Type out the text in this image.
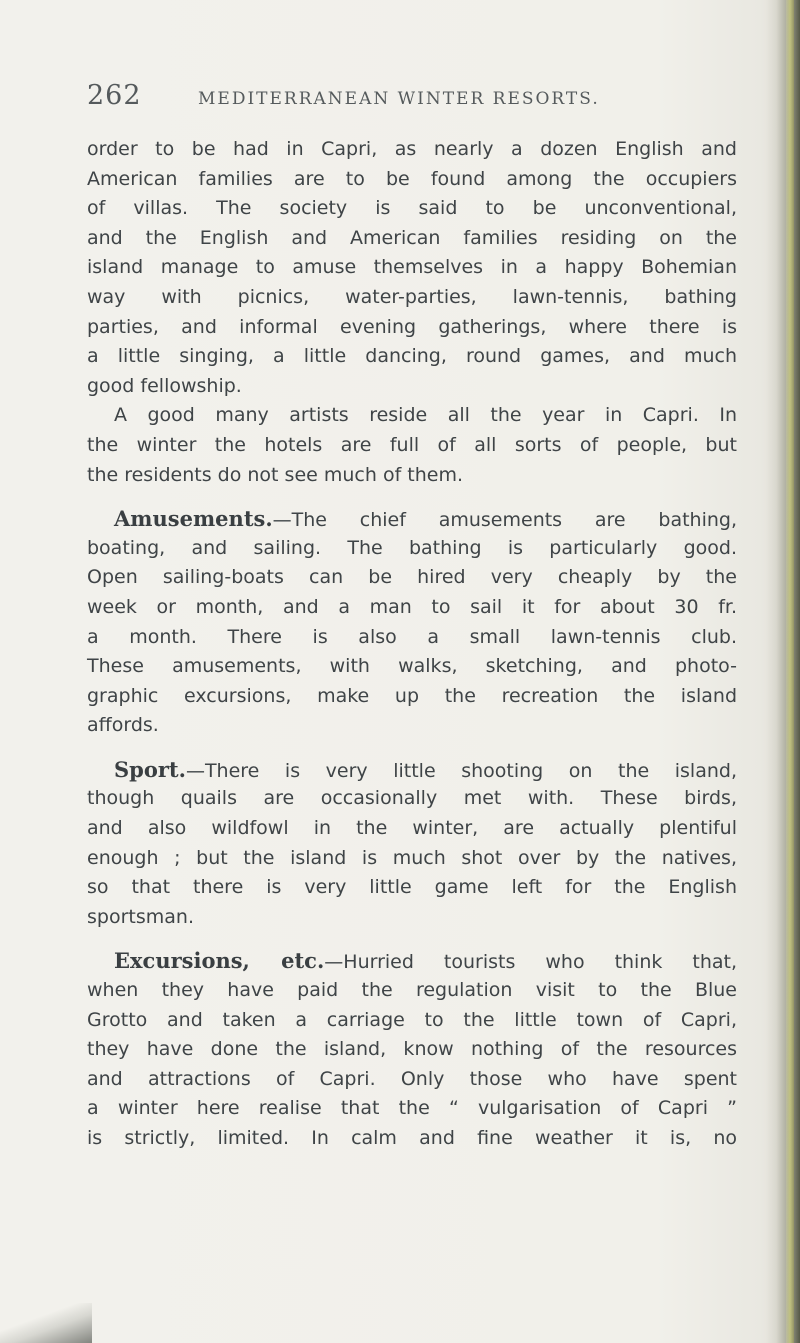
262	MEDITERRANEAN WINTER RESORTS.
order to be had in Capri, as nearly a dozen English and
American families are to be found among the occupiers
of villas. The society is said to be unconventional,
and the English and American families residing on the
island manage to amuse themselves in a happy Bohemian
way with picnics, water-parties, lawn-tennis, bathing
parties, and informal evening gatherings, where there is
a little singing, a little dancing, round games, and much
good fellowship.
A good many artists reside all the year in Capri. In
the winter the hotels are full of all sorts of people, but
the residents do not see much of them.
Amusements.—The chief amusements are bathing,
boating, and sailing. The bathing is particularly good.
Open sailing-boats can be hired very cheaply by the
week or month, and a man to sail it for about 30 fr.
a month. There is also a small lawn-tennis club.
These amusements, with walks, sketching, and photo-
graphic excursions, make up the recreation the island
affords.
Sport.—There is very little shooting on the island,
though quails are occasionally met with. These birds,
and also wildfowl in the winter, are actually plentiful
enough ; but the island is much shot over by the natives,
so that there is very little game left for the English
sportsman.
Excursions, etc.—Hurried tourists who think that,
when they have paid the regulation visit to the Blue
Grotto and taken a carriage to the little town of Capri,
they have done the island, know nothing of the resources
and attractions of Capri. Only those who have spent
a winter here realise that the “ vulgarisation of Capri ”
is strictly, limited. In calm and fine weather it is, no
